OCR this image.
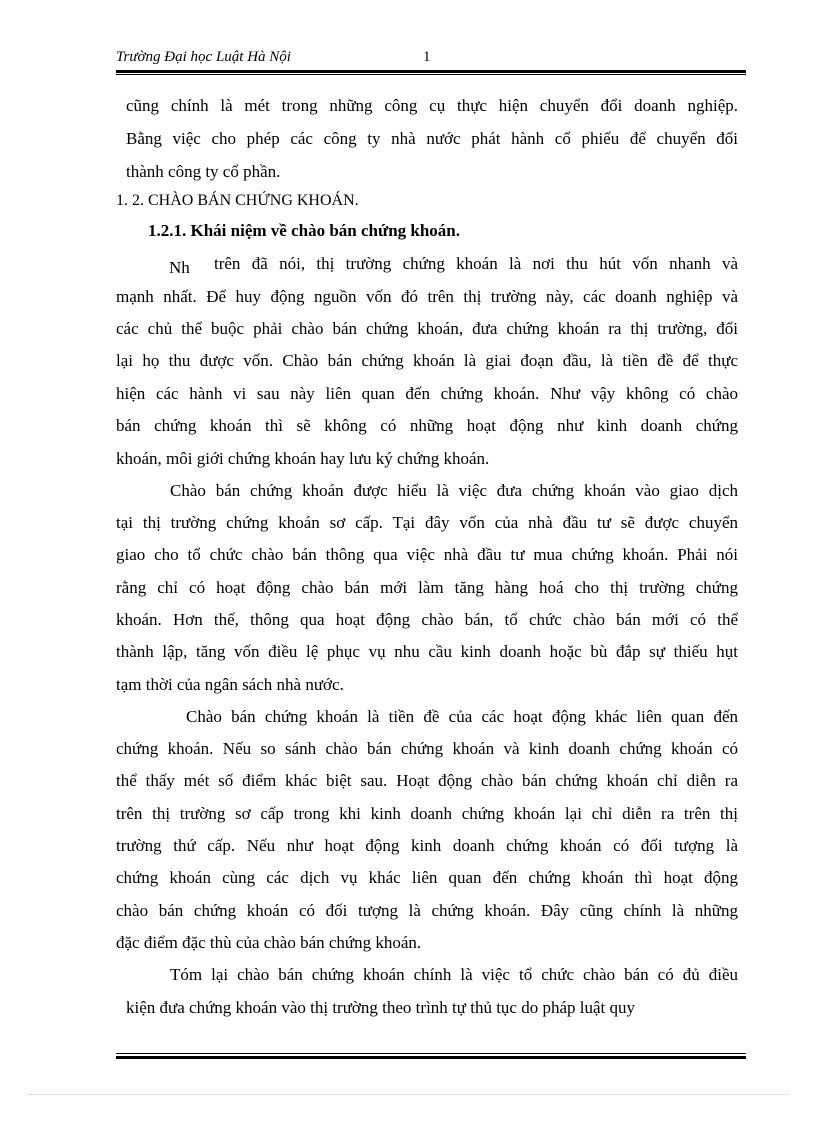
Trường Đại học Luật Hà Nội	1
cũng chính là mét trong những công cụ thực hiện chuyển đổi doanh nghiệp.
Bằng việc cho phép các công ty nhà nước phát hành cổ phiếu để chuyển đổi
thành công ty cổ phần.
1. 2. CHÀO BÁN CHỨNG KHOÁN.
1.2.1. Khái niệm về chào bán chứng khoán.
Nh trên đã nói, thị trường chứng khoán là nơi thu hút vốn nhanh và
mạnh nhất. Để huy động nguồn vốn đó trên thị trường này, các doanh nghiệp và
các chủ thể buộc phải chào bán chứng khoán, đưa chứng khoán ra thị trường, đổi
lại họ thu được vốn. Chào bán chứng khoán là giai đoạn đầu, là tiền đề để thực
hiện các hành vi sau này liên quan đến chứng khoán. Như vậy không có chào
bán chứng khoán thì sẽ không có những hoạt động như kinh doanh chứng
khoán, môi giới chứng khoán hay lưu ký chứng khoán.
Chào bán chứng khoán được hiểu là việc đưa chứng khoán vào giao dịch
tại thị trường chứng khoán sơ cấp. Tại đây vốn của nhà đầu tư sẽ được chuyển
giao cho tổ chức chào bán thông qua việc nhà đầu tư mua chứng khoán. Phải nói
rằng chỉ có hoạt động chào bán mới làm tăng hàng hoá cho thị trường chứng
khoán. Hơn thế, thông qua hoạt động chào bán, tổ chức chào bán mới có thể
thành lập, tăng vốn điều lệ phục vụ nhu cầu kinh doanh hoặc bù đắp sự thiếu hụt
tạm thời của ngân sách nhà nước.
Chào bán chứng khoán là tiền đề của các hoạt động khác liên quan đến
chứng khoán. Nếu so sánh chào bán chứng khoán và kinh doanh chứng khoán có
thể thấy mét số điểm khác biệt sau. Hoạt động chào bán chứng khoán chỉ diễn ra
trên thị trường sơ cấp trong khi kinh doanh chứng khoán lại chỉ diễn ra trên thị
trường thứ cấp. Nếu như hoạt động kinh doanh chứng khoán có đối tượng là
chứng khoán cùng các dịch vụ khác liên quan đến chứng khoán thì hoạt động
chào bán chứng khoán có đối tượng là chứng khoán. Đây cũng chính là những
đặc điểm đặc thù của chào bán chứng khoán.
Tóm lại chào bán chứng khoán chính là việc tổ chức chào bán có đủ điều
kiện đưa chứng khoán vào thị trường theo trình tự thủ tục do pháp luật quy
